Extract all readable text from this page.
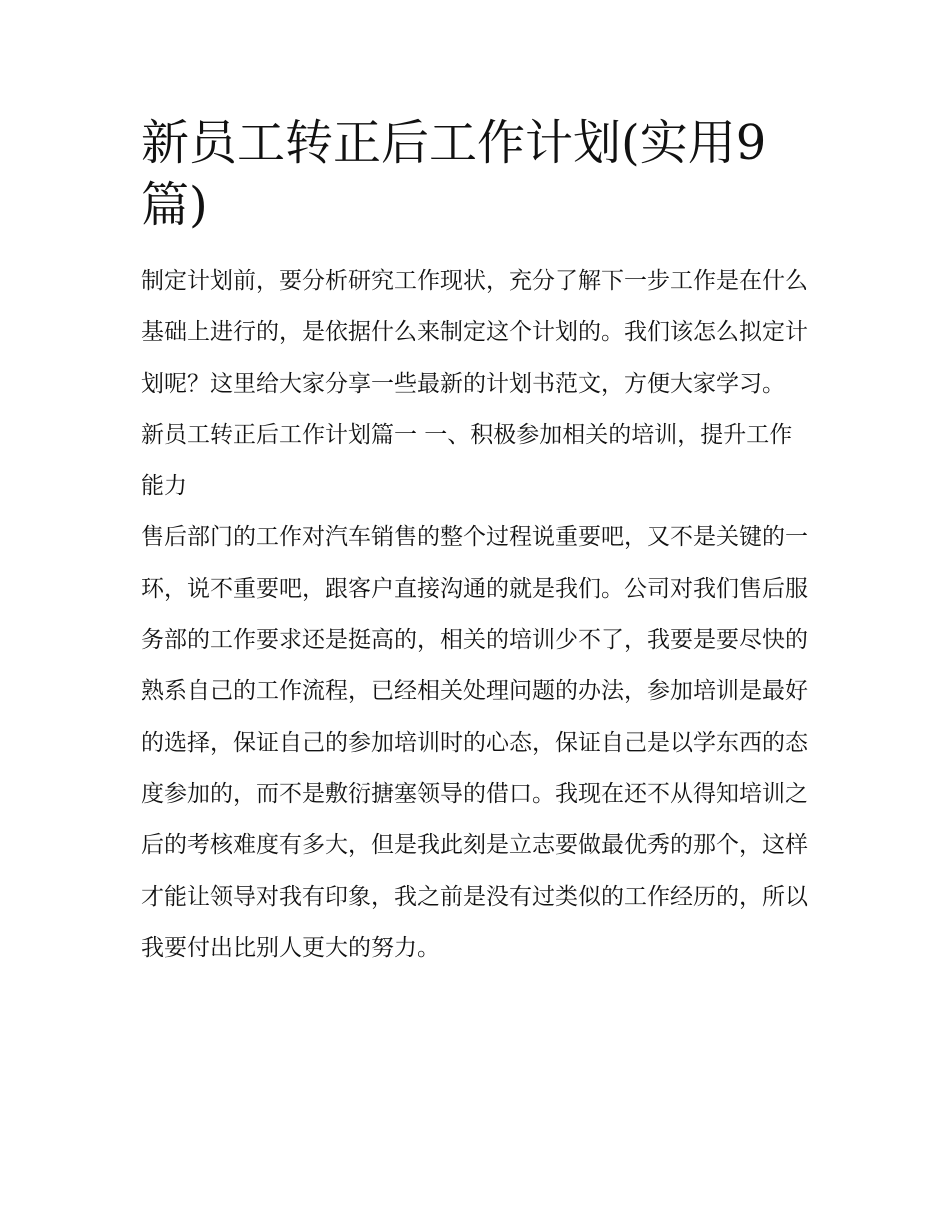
新员工转正后工作计划(实用9篇)

制定计划前，要分析研究工作现状，充分了解下一步工作是在什么基础上进行的，是依据什么来制定这个计划的。我们该怎么拟定计划呢？这里给大家分享一些最新的计划书范文，方便大家学习。

新员工转正后工作计划篇一 一、积极参加相关的培训，提升工作能力

售后部门的工作对汽车销售的整个过程说重要吧，又不是关键的一环，说不重要吧，跟客户直接沟通的就是我们。公司对我们售后服务部的工作要求还是挺高的，相关的培训少不了，我要是要尽快的熟系自己的工作流程，已经相关处理问题的办法，参加培训是最好的选择，保证自己的参加培训时的心态，保证自己是以学东西的态度参加的，而不是敷衍搪塞领导的借口。我现在还不从得知培训之后的考核难度有多大，但是我此刻是立志要做最优秀的那个，这样才能让领导对我有印象，我之前是没有过类似的工作经历的，所以我要付出比别人更大的努力。
